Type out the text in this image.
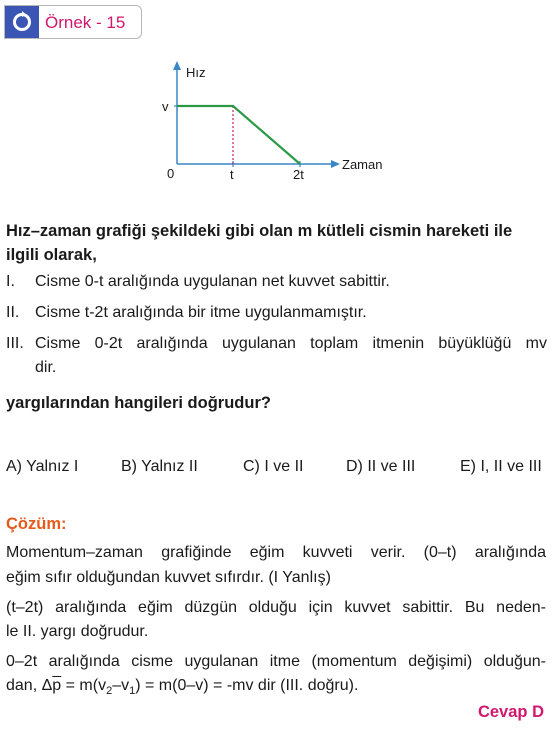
Örnek - 15
Hız
Zaman
v
0	t	2t
Hız–zaman grafiği şekildeki gibi olan m kütleli cismin hareketi ile
ilgili olarak,
I. Cisme 0-t aralığında uygulanan net kuvvet sabittir.
II. Cisme t-2t aralığında bir itme uygulanmamıştır.
III. Cisme 0-2t aralığında uygulanan toplam itmenin büyüklüğü mv
dir.
yargılarından hangileri doğrudur?
A) Yalnız I	B) Yalnız II	C) I ve II	D) II ve III	E) I, II ve III
Çözüm:
Momentum–zaman grafiğinde eğim kuvveti verir. (0–t) aralığında
eğim sıfır olduğundan kuvvet sıfırdır. (I Yanlış)
(t–2t) aralığında eğim düzgün olduğu için kuvvet sabittir. Bu neden-
le II. yargı doğrudur.
0–2t aralığında cisme uygulanan itme (momentum değişimi) olduğun-
dan, $\Delta\overline{p} = m(v_2-v_1) = m(0-v) = -mv$ dir (III. doğru).
Cevap D
